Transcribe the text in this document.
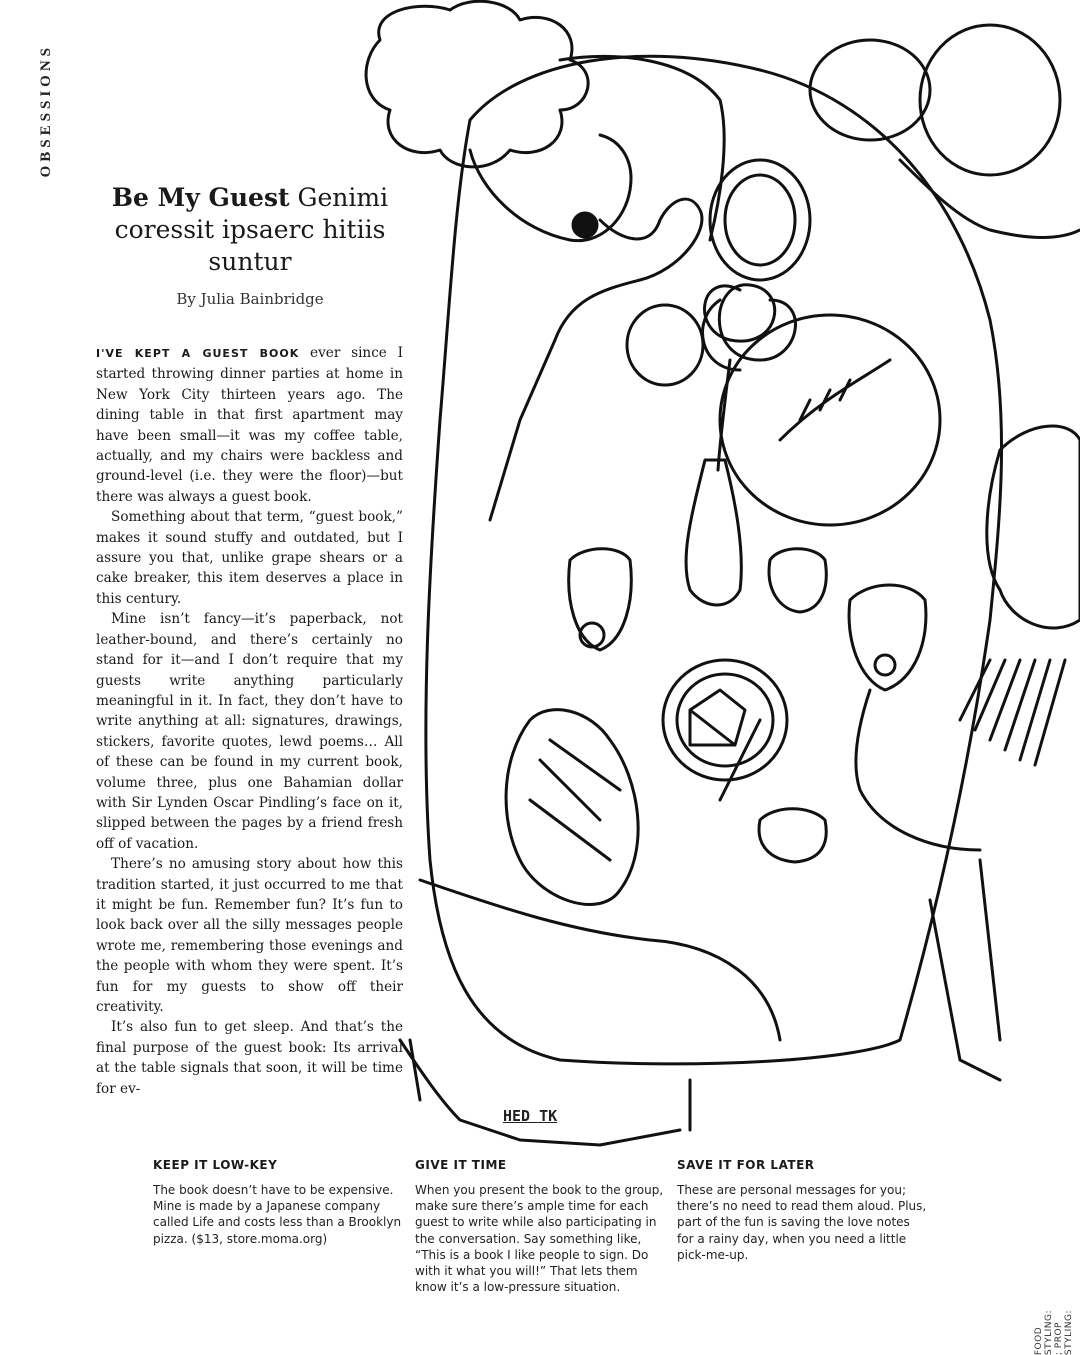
OBSESSIONS
Be My Guest Genimi coressit ipsaerc hitiis suntur
By Julia Bainbridge

I'VE KEPT A GUEST BOOK ever since I started throwing dinner parties at home in New York City thirteen years ago. The dining table in that first apartment may have been small—it was my coffee table, actually, and my chairs were backless and ground-level (i.e. they were the floor)—but there was always a guest book.

Something about that term, “guest book,” makes it sound stuffy and outdated, but I assure you that, unlike grape shears or a cake breaker, this item deserves a place in this century.

Mine isn’t fancy—it’s paperback, not leather-bound, and there’s certainly no stand for it—and I don’t require that my guests write anything particularly meaningful in it. In fact, they don’t have to write anything at all: signatures, drawings, stickers, favorite quotes, lewd poems… All of these can be found in my current book, volume three, plus one Bahamian dollar with Sir Lynden Oscar Pindling’s face on it, slipped between the pages by a friend fresh off of vacation.

There’s no amusing story about how this tradition started, it just occurred to me that it might be fun. Remember fun? It’s fun to look back over all the silly messages people wrote me, remembering those evenings and the people with whom they were spent. It’s fun for my guests to show off their creativity.

It’s also fun to get sleep. And that’s the final purpose of the guest book: Its arrival at the table signals that soon, it will be time for ev-

HED TK
KEEP IT LOW-KEY

The book doesn’t have to be expensive. Mine is made by a Japanese company called Life and costs less than a Brooklyn pizza. ($13, store.moma.org)

GIVE IT TIME

When you present the book to the group, make sure there’s ample time for each guest to write while also participating in the conversation. Say something like, “This is a book I like people to sign. Do with it what you will!” That lets them know it’s a low-pressure situation.

SAVE IT FOR LATER

These are personal messages for you; there’s no need to read them aloud. Plus, part of the fun is saving the love notes for a rainy day, when you need a little pick-me-up.

FOOD STYLING: ; PROP STYLING:
